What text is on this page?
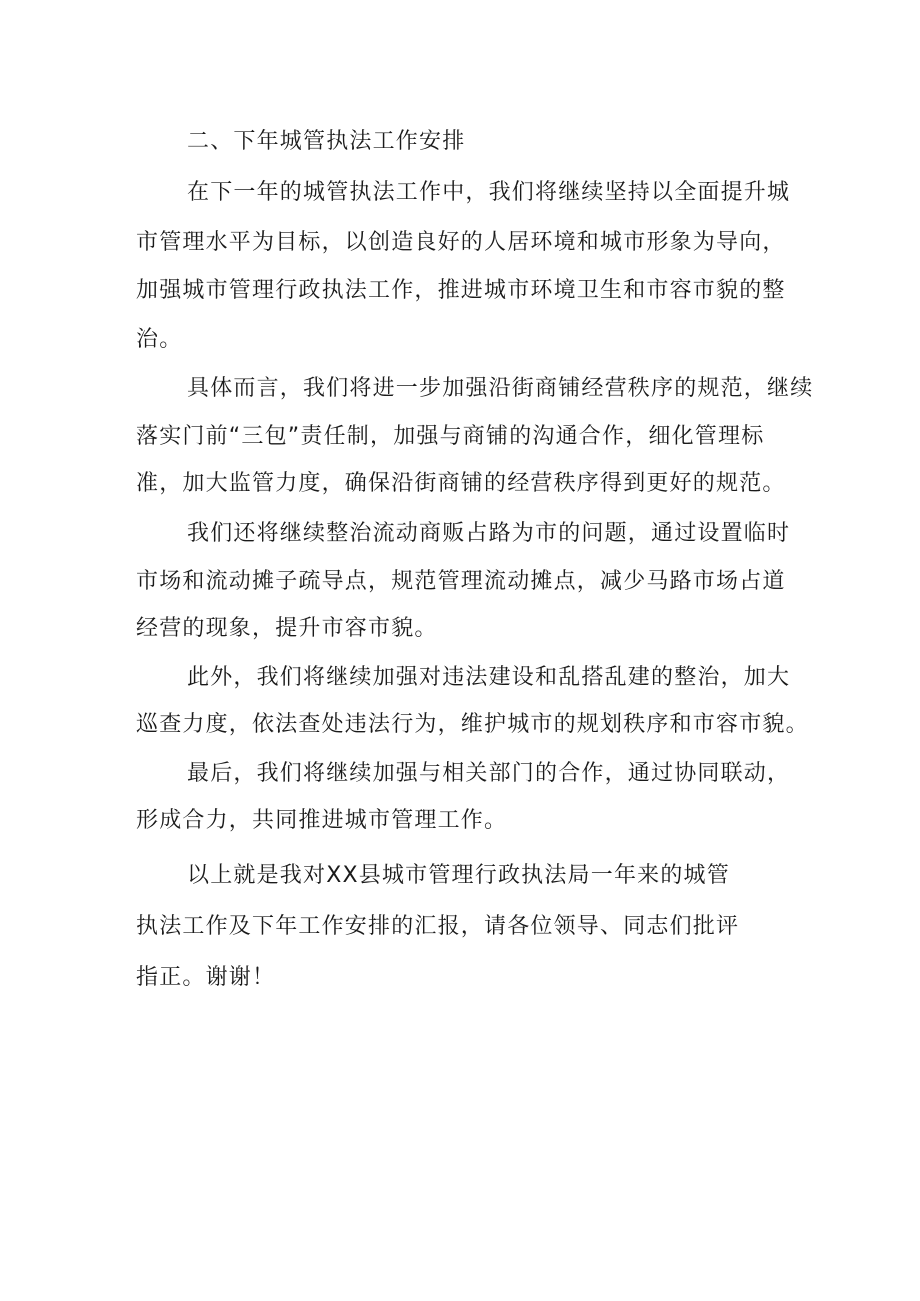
二、下年城管执法工作安排

在下一年的城管执法工作中，我们将继续坚持以全面提升城

市管理水平为目标，以创造良好的人居环境和城市形象为导向，

加强城市管理行政执法工作，推进城市环境卫生和市容市貌的整

治。

具体而言，我们将进一步加强沿街商铺经营秩序的规范，继续

落实门前“三包”责任制，加强与商铺的沟通合作，细化管理标

准，加大监管力度，确保沿街商铺的经营秩序得到更好的规范。

我们还将继续整治流动商贩占路为市的问题，通过设置临时

市场和流动摊子疏导点，规范管理流动摊点，减少马路市场占道

经营的现象，提升市容市貌。

此外，我们将继续加强对违法建设和乱搭乱建的整治，加大

巡查力度，依法查处违法行为，维护城市的规划秩序和市容市貌。

最后，我们将继续加强与相关部门的合作，通过协同联动，

形成合力，共同推进城市管理工作。

以上就是我对XX县城市管理行政执法局一年来的城管

执法工作及下年工作安排的汇报，请各位领导、同志们批评

指正。谢谢！
